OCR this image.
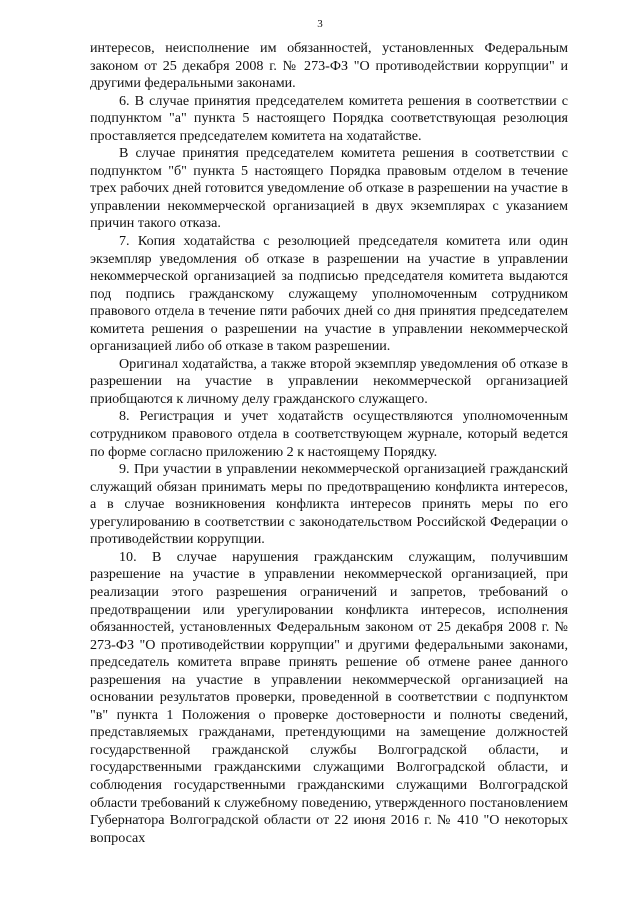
3

интересов, неисполнение им обязанностей, установленных Федеральным законом от 25 декабря 2008 г. № 273-ФЗ "О противодействии коррупции" и другими федеральными законами.

6. В случае принятия председателем комитета решения в соответствии с подпунктом "а" пункта 5 настоящего Порядка соответствующая резолюция проставляется председателем комитета на ходатайстве.

В случае принятия председателем комитета решения в соответствии с подпунктом "б" пункта 5 настоящего Порядка правовым отделом в течение трех рабочих дней готовится уведомление об отказе в разрешении на участие в управлении некоммерческой организацией в двух экземплярах с указанием причин такого отказа.

7. Копия ходатайства с резолюцией председателя комитета или один экземпляр уведомления об отказе в разрешении на участие в управлении некоммерческой организацией за подписью председателя комитета выдаются под подпись гражданскому служащему уполномоченным сотрудником правового отдела в течение пяти рабочих дней со дня принятия председателем комитета решения о разрешении на участие в управлении некоммерческой организацией либо об отказе в таком разрешении.

Оригинал ходатайства, а также второй экземпляр уведомления об отказе в разрешении на участие в управлении некоммерческой организацией приобщаются к личному делу гражданского служащего.

8. Регистрация и учет ходатайств осуществляются уполномоченным сотрудником правового отдела в соответствующем журнале, который ведется по форме согласно приложению 2 к настоящему Порядку.

9. При участии в управлении некоммерческой организацией гражданский служащий обязан принимать меры по предотвращению конфликта интересов, а в случае возникновения конфликта интересов принять меры по его урегулированию в соответствии с законодательством Российской Федерации о противодействии коррупции.

10. В случае нарушения гражданским служащим, получившим разрешение на участие в управлении некоммерческой организацией, при реализации этого разрешения ограничений и запретов, требований о предотвращении или урегулировании конфликта интересов, исполнения обязанностей, установленных Федеральным законом от 25 декабря 2008 г. № 273-ФЗ "О противодействии коррупции" и другими федеральными законами, председатель комитета вправе принять решение об отмене ранее данного разрешения на участие в управлении некоммерческой организацией на основании результатов проверки, проведенной в соответствии с подпунктом "в" пункта 1 Положения о проверке достоверности и полноты сведений, представляемых гражданами, претендующими на замещение должностей государственной гражданской службы Волгоградской области, и государственными гражданскими служащими Волгоградской области, и соблюдения государственными гражданскими служащими Волгоградской области требований к служебному поведению, утвержденного постановлением Губернатора Волгоградской области от 22 июня 2016 г. № 410 "О некоторых вопросах
